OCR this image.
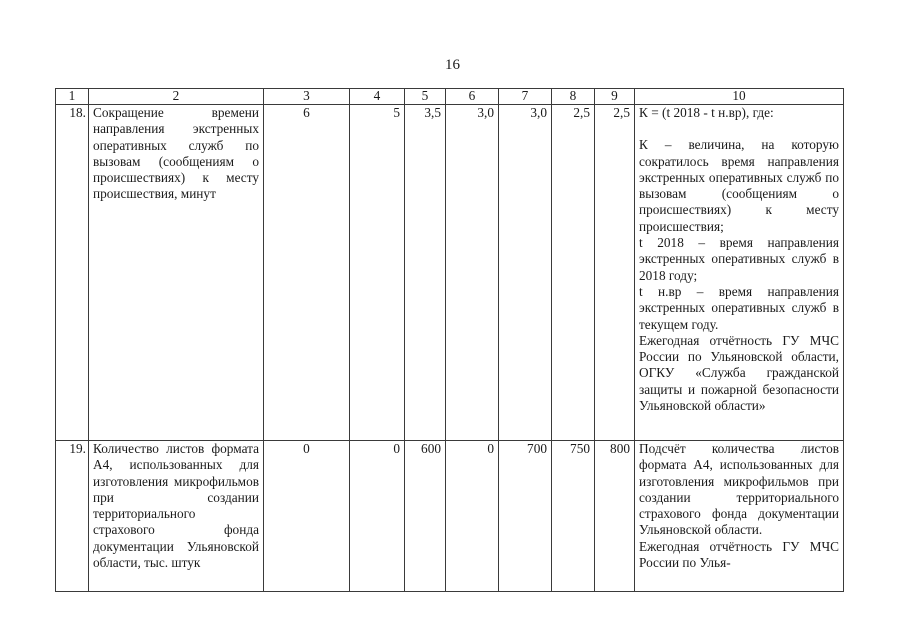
16
1	2	3	4	5	6	7	8	9	10
18.	Сокращение времени направления экстренных оперативных служб по вызовам (сообщениям о происшествиях) к месту происшествия, минут	6	5	3,5	3,0	3,0	2,5	2,5	К = (t 2018 - t н.вр), где:

К – величина, на которую сократилось время направления экстренных оперативных служб по вызовам (сообщениям о происшествиях) к месту происшествия;

t 2018 – время направления экстренных оперативных служб в 2018 году;

t н.вр – время направления экстренных оперативных служб в текущем году.

Ежегодная отчётность ГУ МЧС России по Ульяновской области, ОГКУ «Служба гражданской защиты и пожарной безопасности Ульяновской области»

19.	Количество листов формата А4, использованных для изготовления микрофильмов при создании территориального страхового фонда документации Ульяновской области, тыс. штук	0	0	600	0	700	750	800	Подсчёт количества листов формата А4, использованных для изготовления микрофильмов при создании территориального страхового фонда документации Ульяновской области.

Ежегодная отчётность ГУ МЧС России по Улья-
